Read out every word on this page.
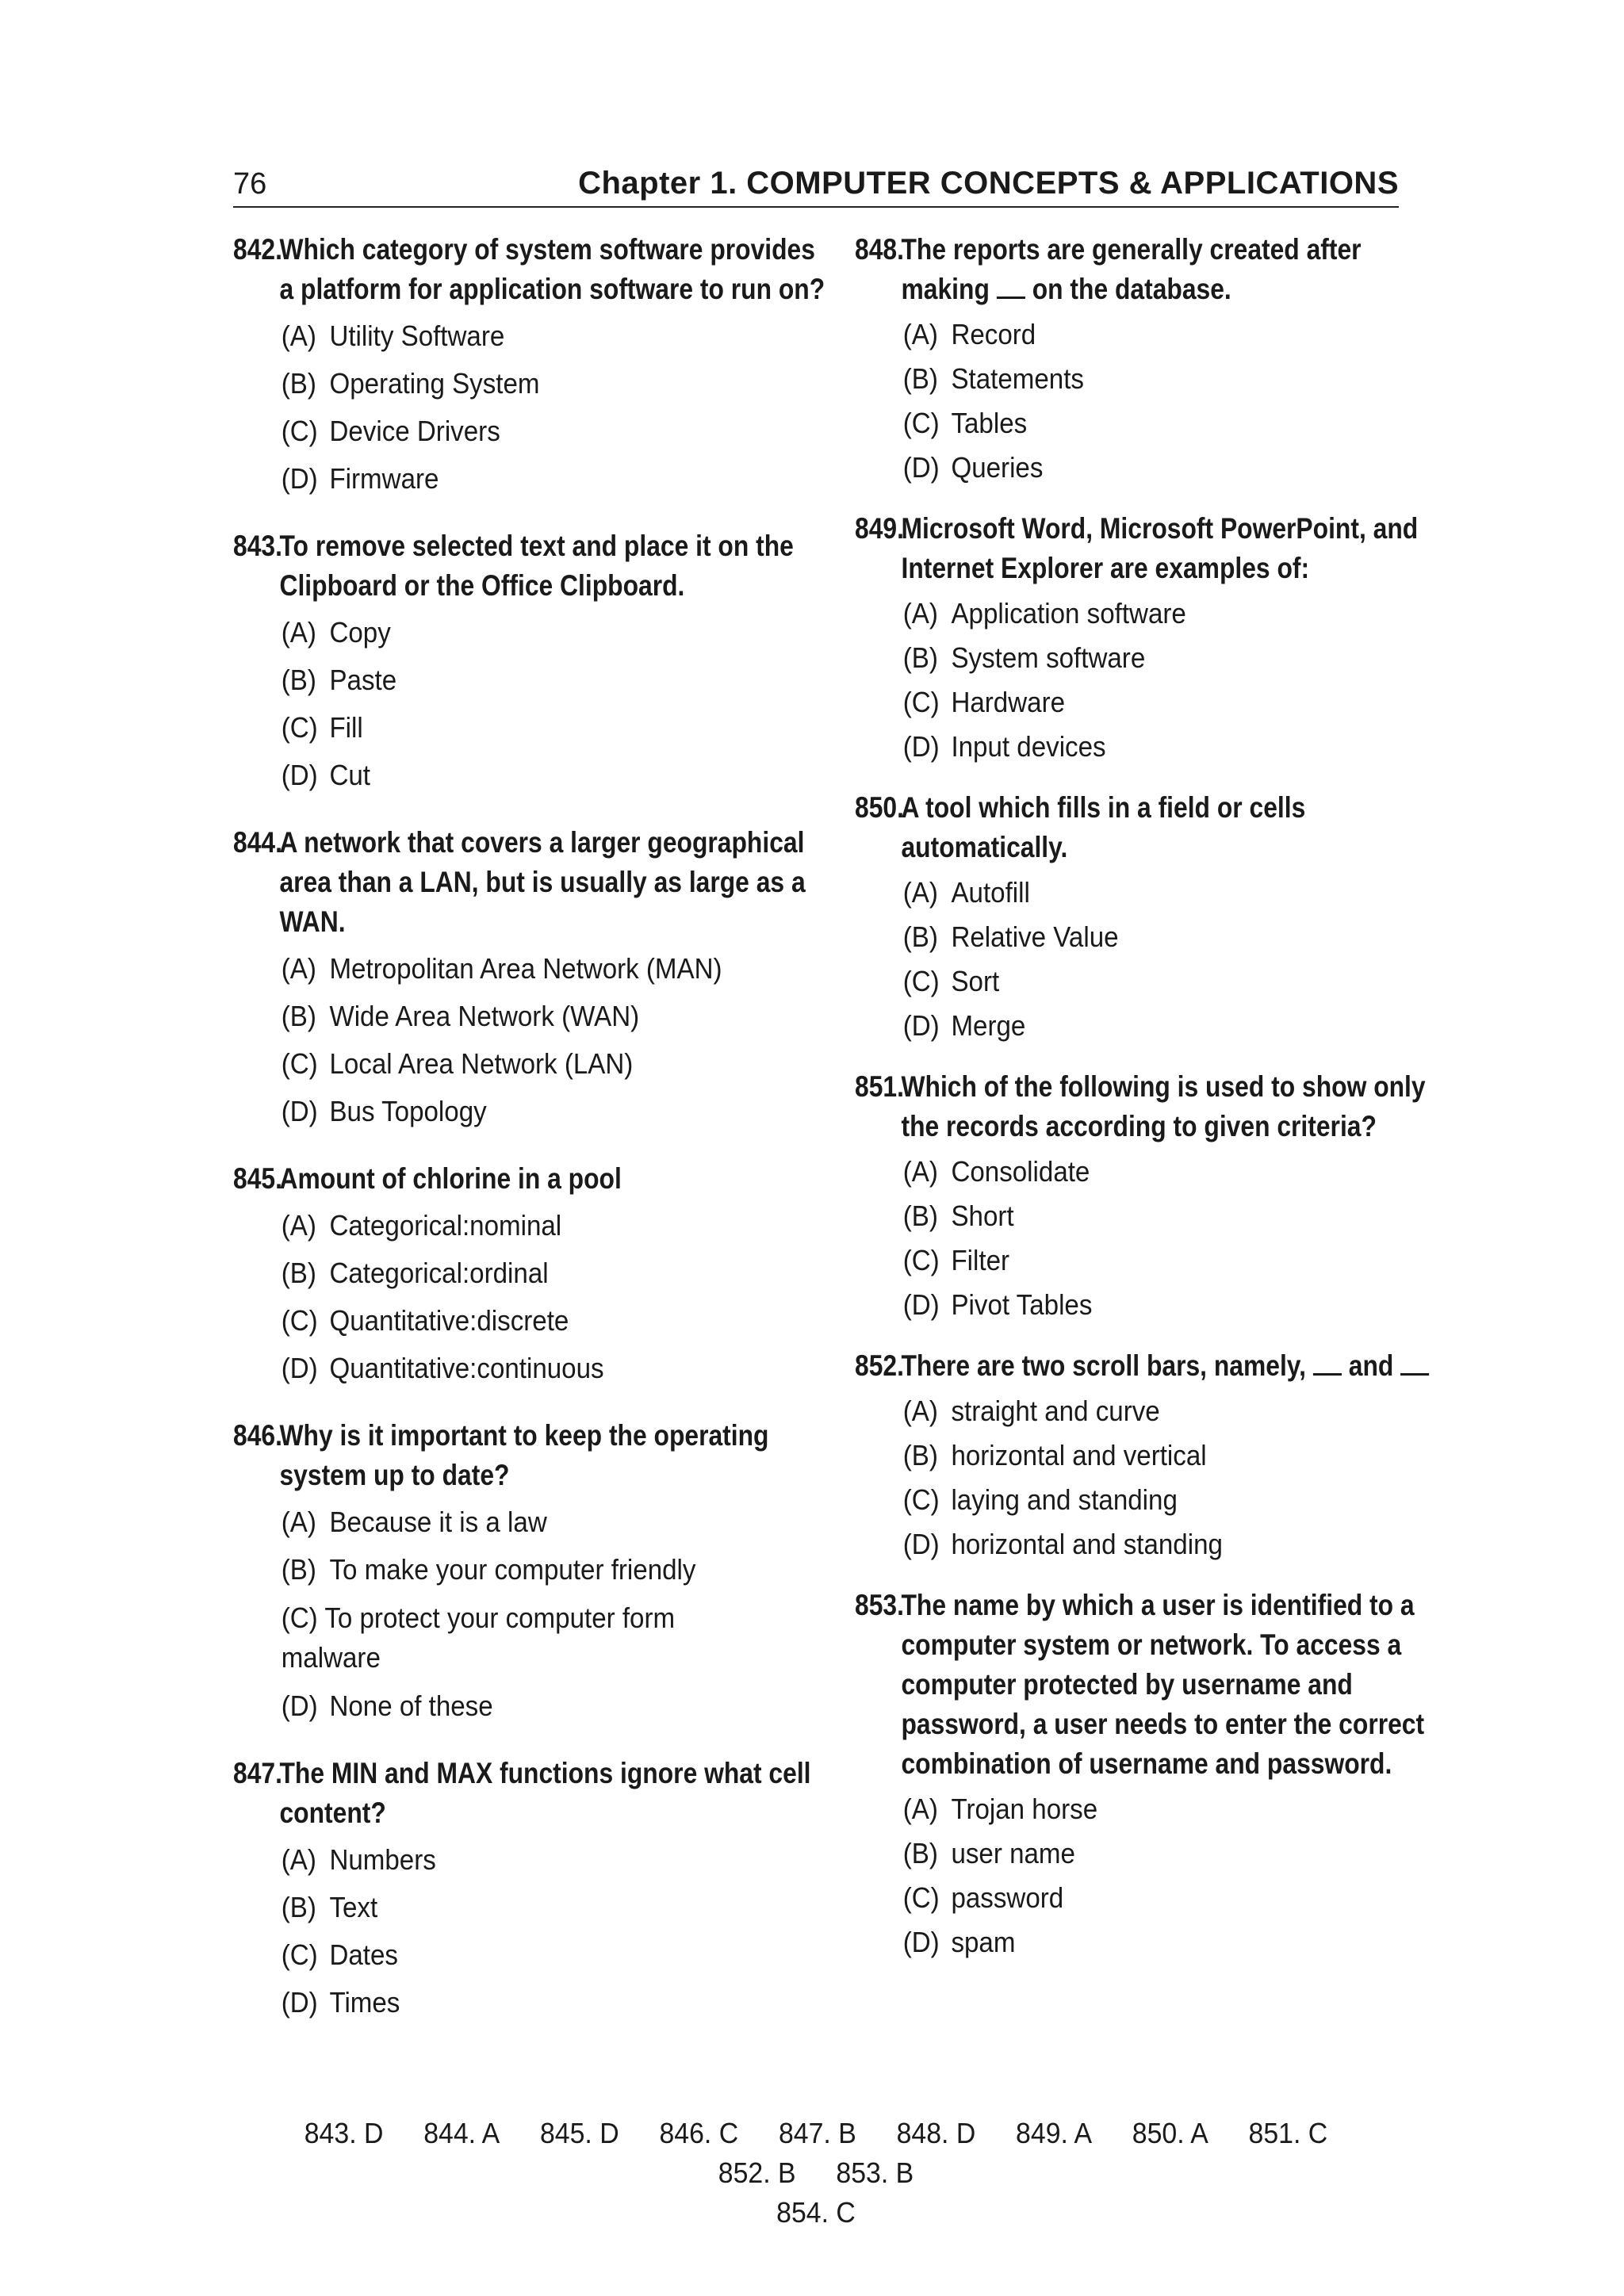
76	Chapter 1. COMPUTER CONCEPTS & APPLICATIONS
842.Which category of system software provides a platform for application software to run on?
(A) Utility Software
(B) Operating System
(C) Device Drivers
(D) Firmware
843.To remove selected text and place it on the Clipboard or the Office Clipboard.
(A) Copy
(B) Paste
(C) Fill
(D) Cut
844.A network that covers a larger geographical area than a LAN, but is usually as large as a WAN.
(A) Metropolitan Area Network (MAN)
(B) Wide Area Network (WAN)
(C) Local Area Network (LAN)
(D) Bus Topology
845.Amount of chlorine in a pool
(A) Categorical:nominal
(B) Categorical:ordinal
(C) Quantitative:discrete
(D) Quantitative:continuous
846.Why is it important to keep the operating system up to date?
(A) Because it is a law
(B) To make your computer friendly
(C) To protect your computer form malware
(D) None of these
847.The MIN and MAX functions ignore what cell content?
(A) Numbers
(B) Text
(C) Dates
(D) Times
848.The reports are generally created after making on the database.
(A) Record
(B) Statements
(C) Tables
(D) Queries
849.Microsoft Word, Microsoft PowerPoint, and Internet Explorer are examples of:
(A) Application software
(B) System software
(C) Hardware
(D) Input devices
850.A tool which fills in a field or cells automatically.
(A) Autofill
(B) Relative Value
(C) Sort
(D) Merge
851.Which of the following is used to show only the records according to given criteria?
(A) Consolidate
(B) Short
(C) Filter
(D) Pivot Tables
852.There are two scroll bars, namely, and
(A) straight and curve
(B) horizontal and vertical
(C) laying and standing
(D) horizontal and standing
853.The name by which a user is identified to a computer system or network. To access a computer protected by username and password, a user needs to enter the correct combination of username and password.
(A) Trojan horse
(B) user name
(C) password
(D) spam
843. D 844. A 845. D 846. C 847. B 848. D 849. A 850. A 851. C 852. B 853. B
854. C
